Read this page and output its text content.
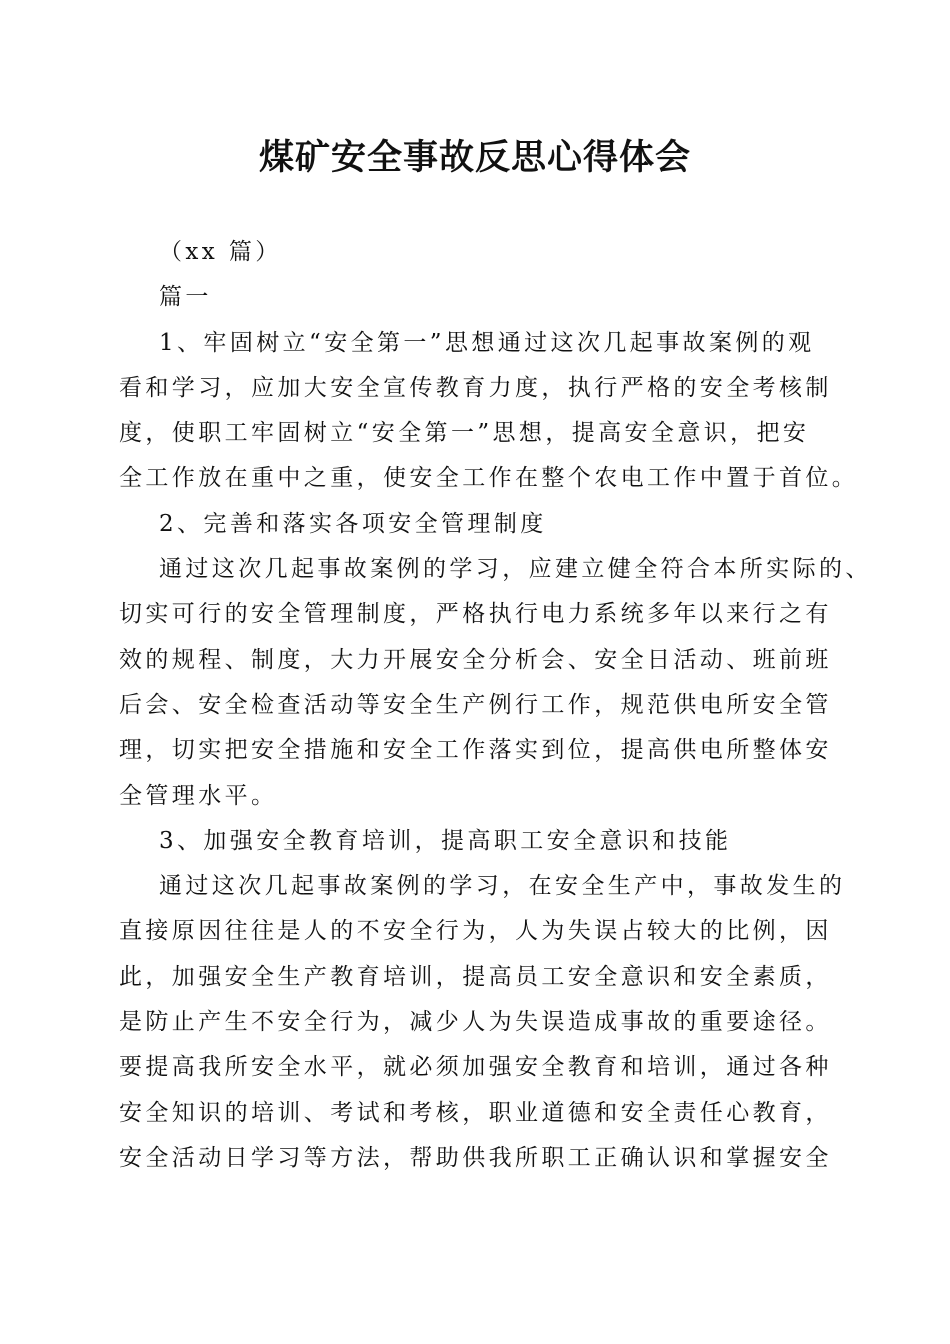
煤矿安全事故反思心得体会
（xx 篇）
篇一
1、牢固树立“安全第一”思想通过这次几起事故案例的观
看和学习，应加大安全宣传教育力度，执行严格的安全考核制
度，使职工牢固树立“安全第一”思想，提高安全意识，把安
全工作放在重中之重，使安全工作在整个农电工作中置于首位。
2、完善和落实各项安全管理制度
通过这次几起事故案例的学习，应建立健全符合本所实际的、
切实可行的安全管理制度，严格执行电力系统多年以来行之有
效的规程、制度，大力开展安全分析会、安全日活动、班前班
后会、安全检查活动等安全生产例行工作，规范供电所安全管
理，切实把安全措施和安全工作落实到位，提高供电所整体安
全管理水平。
3、加强安全教育培训，提高职工安全意识和技能
通过这次几起事故案例的学习，在安全生产中，事故发生的
直接原因往往是人的不安全行为，人为失误占较大的比例，因
此，加强安全生产教育培训，提高员工安全意识和安全素质，
是防止产生不安全行为，减少人为失误造成事故的重要途径。
要提高我所安全水平，就必须加强安全教育和培训，通过各种
安全知识的培训、考试和考核，职业道德和安全责任心教育，
安全活动日学习等方法，帮助供我所职工正确认识和掌握安全
